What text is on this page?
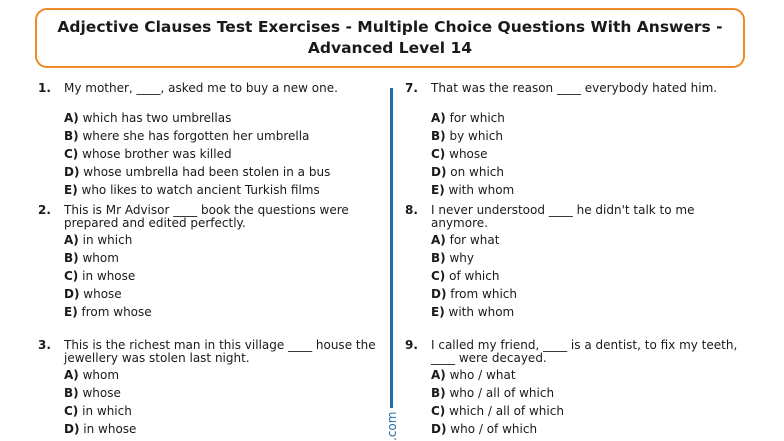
Adjective Clauses Test Exercises - Multiple Choice Questions With Answers -
Advanced Level 14
.com
1. My mother, ____, asked me to buy a new one.
A) which has two umbrellas
B) where she has forgotten her umbrella
C) whose brother was killed
D) whose umbrella had been stolen in a bus
E) who likes to watch ancient Turkish films
2. This is Mr Advisor ____ book the questions were prepared and edited perfectly.
A) in which
B) whom
C) in whose
D) whose
E) from whose
3. This is the richest man in this village ____ house the jewellery was stolen last night.
A) whom
B) whose
C) in which
D) in whose
7. That was the reason ____ everybody hated him.
A) for which
B) by which
C) whose
D) on which
E) with whom
8. I never understood ____ he didn't talk to me anymore.
A) for what
B) why
C) of which
D) from which
E) with whom
9. I called my friend, ____ is a dentist, to fix my teeth, ____ were decayed.
A) who / what
B) who / all of which
C) which / all of which
D) who / of which
